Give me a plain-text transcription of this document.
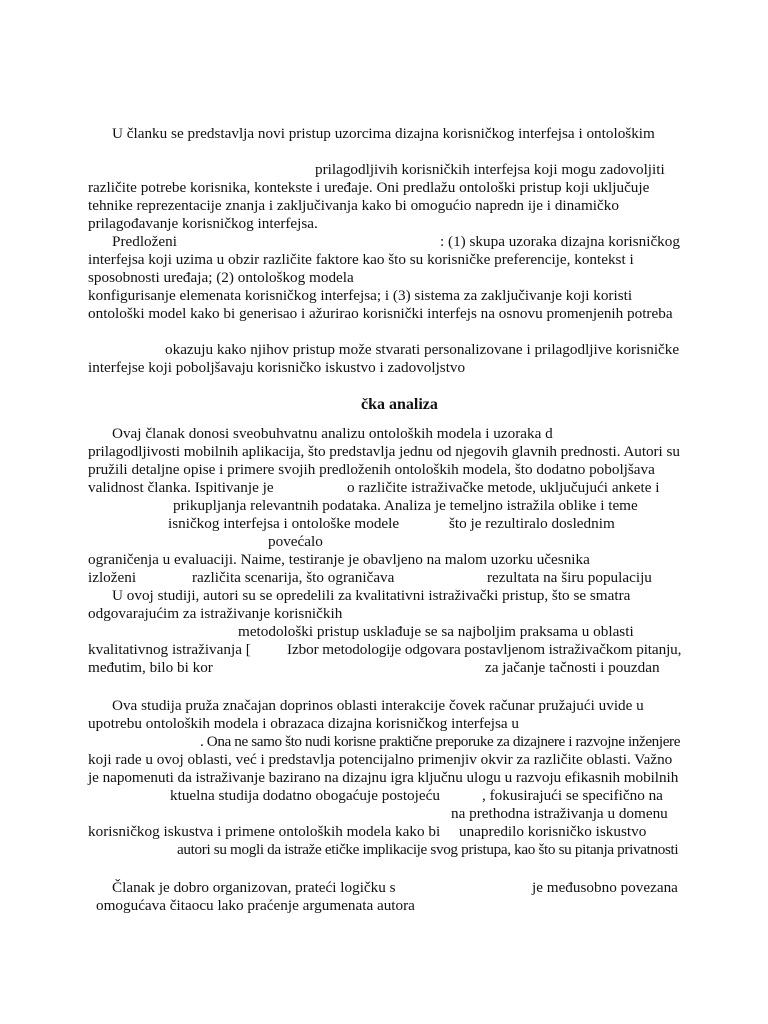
U članku se predstavlja novi pristup uzorcima dizajna korisničkog interfejsa i ontološkim
prilagodljivih korisničkih interfejsa koji mogu zadovoljiti
različite potrebe korisnika, kontekste i uređaje. Oni predlažu ontološki pristup koji uključuje
tehnike reprezentacije znanja i zaključivanja kako bi omogućio napredn ije i dinamičko
prilagođavanje korisničkog interfejsa.
Predloženi	: (1) skupa uzoraka dizajna korisničkog
interfejsa koji uzima u obzir različite faktore kao što su korisničke preferencije, kontekst i
sposobnosti uređaja; (2) ontološkog modela
konfigurisanje elemenata korisničkog interfejsa; i (3) sistema za zaključivanje koji koristi
ontološki model kako bi generisao i ažurirao korisnički interfejs na osnovu promenjenih potreba
okazuju kako njihov pristup može stvarati personalizovane i prilagodljive korisničke
interfejse koji poboljšavaju korisničko iskustvo i zadovoljstvo
čka analiza
Ovaj članak donosi sveobuhvatnu analizu ontoloških modela i uzoraka d
prilagodljivosti mobilnih aplikacija, što predstavlja jednu od njegovih glavnih prednosti. Autori su
pružili detaljne opise i primere svojih predloženih ontoloških modela, što dodatno poboljšava
validnost članka. Ispitivanje je	o različite istraživačke metode, uključujući ankete i
prikupljanja relevantnih podataka. Analiza je temeljno istražila oblike i teme
isničkog interfejsa i ontološke modele	što je rezultiralo doslednim
povećalo
ograničenja u evaluaciji. Naime, testiranje je obavljeno na malom uzorku učesnika
izloženi	različita scenarija, što ograničava	rezultata na širu populaciju
U ovoj studiji, autori su se opredelili za kvalitativni istraživački pristup, što se smatra
odgovarajućim za istraživanje korisničkih
metodološki pristup usklađuje se sa najboljim praksama u oblasti
kvalitativnog istraživanja [ Izbor metodologije odgovara postavljenom istraživačkom pitanju,
međutim, bilo bi kor	za jačanje tačnosti i pouzdan
Ova studija pruža značajan doprinos oblasti interakcije čovek računar pružajući uvide u
upotrebu ontoloških modela i obrazaca dizajna korisničkog interfejsa u
. Ona ne samo što nudi korisne praktične preporuke za dizajnere i razvojne inženjere
koji rade u ovoj oblasti, već i predstavlja potencijalno primenjiv okvir za različite oblasti. Važno
je napomenuti da istraživanje bazirano na dizajnu igra ključnu ulogu u razvoju efikasnih mobilnih
ktuelna studija dodatno obogaćuje postojeću	, fokusirajući se specifično na
na prethodna istraživanja u domenu
korisničkog iskustva i primene ontoloških modela kako bi unapredilo korisničko iskustvo
autori su mogli da istraže etičke implikacije svog pristupa, kao što su pitanja privatnosti
Članak je dobro organizovan, prateći logičku s	je međusobno povezana
omogućava čitaocu lako praćenje argumenata autora
